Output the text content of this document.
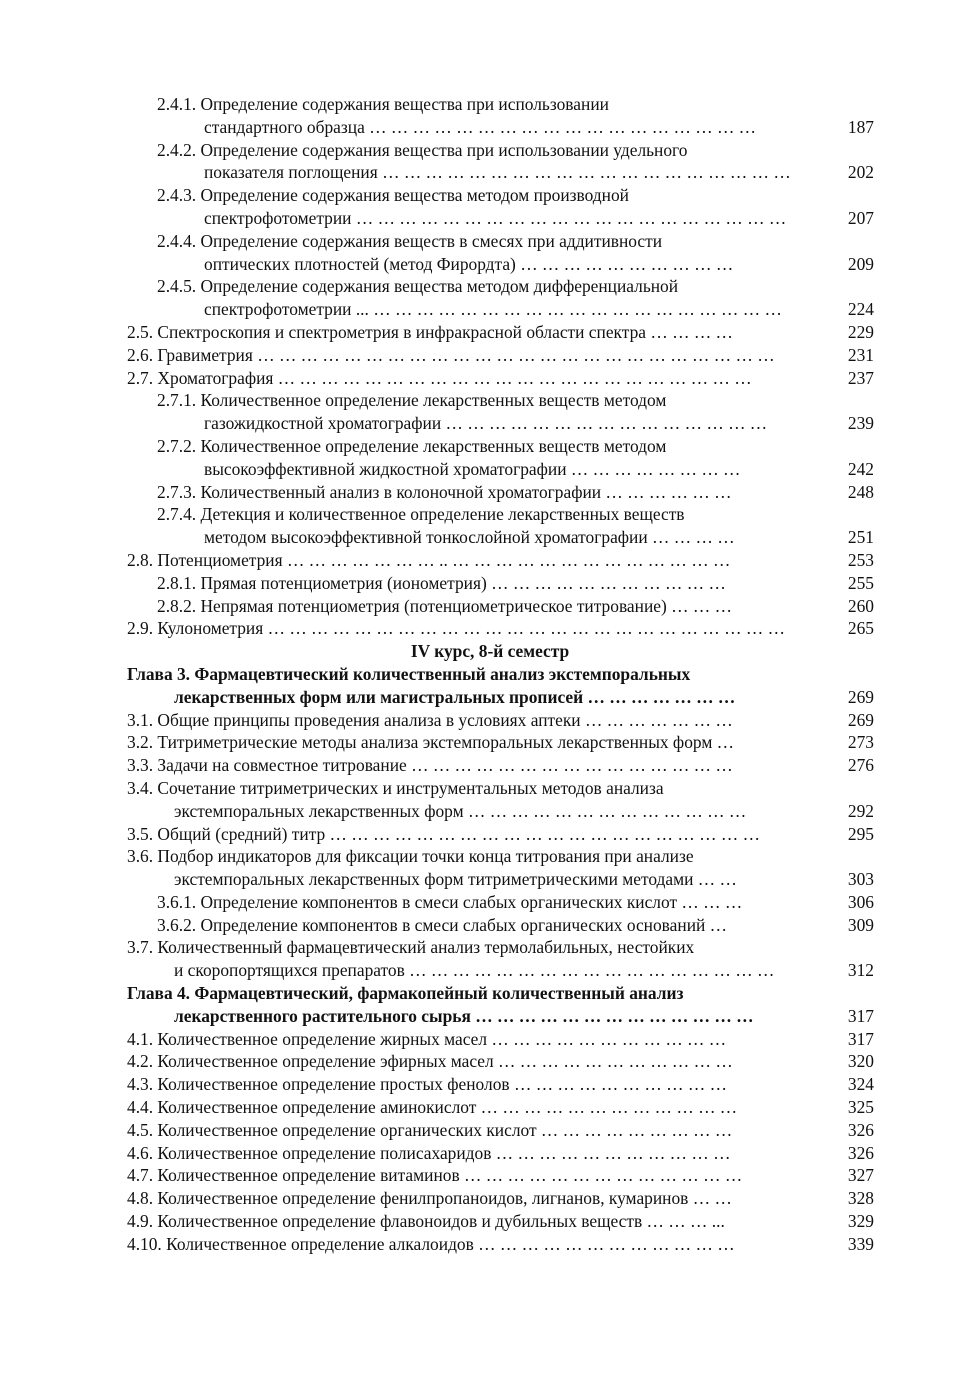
2.4.1. Определение содержания вещества при использовании
стандартного образца … … … … … … … … … … … … … … … … … …	187
2.4.2. Определение содержания вещества при использовании удельного
показателя поглощения … … … … … … … … … … … … … … … … … … …	202
2.4.3. Определение содержания вещества методом производной
спектрофотометрии … … … … … … … … … … … … … … … … … … … …	207
2.4.4. Определение содержания веществ в смесях при аддитивности
оптических плотностей (метод Фирордта) … … … … … … … … … …	209
2.4.5. Определение содержания вещества методом дифференциальной
спектрофотометрии ... … … … … … … … … … … … … … … … … … … …	224
2.5. Спектроскопия и спектрометрия в инфракрасной области спектра … … … …	229
2.6. Гравиметрия … … … … … … … … … … … … … … … … … … … … … … … …	231
2.7. Хроматография … … … … … … … … … … … … … … … … … … … … … …	237
2.7.1. Количественное определение лекарственных веществ методом
газожидкостной хроматографии … … … … … … … … … … … … … … …	239
2.7.2. Количественное определение лекарственных веществ методом
высокоэффективной жидкостной хроматографии … … … … … … … …	242
2.7.3. Количественный анализ в колоночной хроматографии … … … … … …	248
2.7.4. Детекция и количественное определение лекарственных веществ
методом высокоэффективной тонкослойной хроматографии … … … …	251
2.8. Потенциометрия … … … … … … … .. … … … … … … … … … … … … …	253
2.8.1. Прямая потенциометрия (ионометрия) … … … … … … … … … … …	255
2.8.2. Непрямая потенциометрия (потенциометрическое титрование) … … …	260
2.9. Кулонометрия … … … … … … … … … … … … … … … … … … … … … … … …	265
IV курс, 8-й семестр
Глава 3. Фармацевтический количественный анализ экстемпоральных
лекарственных форм или магистральных прописей … … … … … … …	269
3.1. Общие принципы проведения анализа в условиях аптеки … … … … … … …	269
3.2. Титриметрические методы анализа экстемпоральных лекарственных форм …	273
3.3. Задачи на совместное титрование … … … … … … … … … … … … … … …	276
3.4. Сочетание титриметрических и инструментальных методов анализа
экстемпоральных лекарственных форм … … … … … … … … … … … … …	292
3.5. Общий (средний) титр … … … … … … … … … … … … … … … … … … … …	295
3.6. Подбор индикаторов для фиксации точки конца титрования при анализе
экстемпоральных лекарственных форм титриметрическими методами … …	303
3.6.1. Определение компонентов в смеси слабых органических кислот … … …	306
3.6.2. Определение компонентов в смеси слабых органических оснований …	309
3.7. Количественный фармацевтический анализ термолабильных, нестойких
и скоропортящихся препаратов … … … … … … … … … … … … … … … … …	312
Глава 4. Фармацевтический, фармакопейный количественный анализ
лекарственного растительного сырья … … … … … … … … … … … … …	317
4.1. Количественное определение жирных масел … … … … … … … … … … …	317
4.2. Количественное определение эфирных масел … … … … … … … … … … …	320
4.3. Количественное определение простых фенолов … … … … … … … … … …	324
4.4. Количественное определение аминокислот … … … … … … … … … … … …	325
4.5. Количественное определение органических кислот … … … … … … … … …	326
4.6. Количественное определение полисахаридов … … … … … … … … … … …	326
4.7. Количественное определение витаминов … … … … … … … … … … … … …	327
4.8. Количественное определение фенилпропаноидов, лигнанов, кумаринов … …	328
4.9. Количественное определение флавоноидов и дубильных веществ … … … ...	329
4.10. Количественное определение алкалоидов … … … … … … … … … … … …	339
